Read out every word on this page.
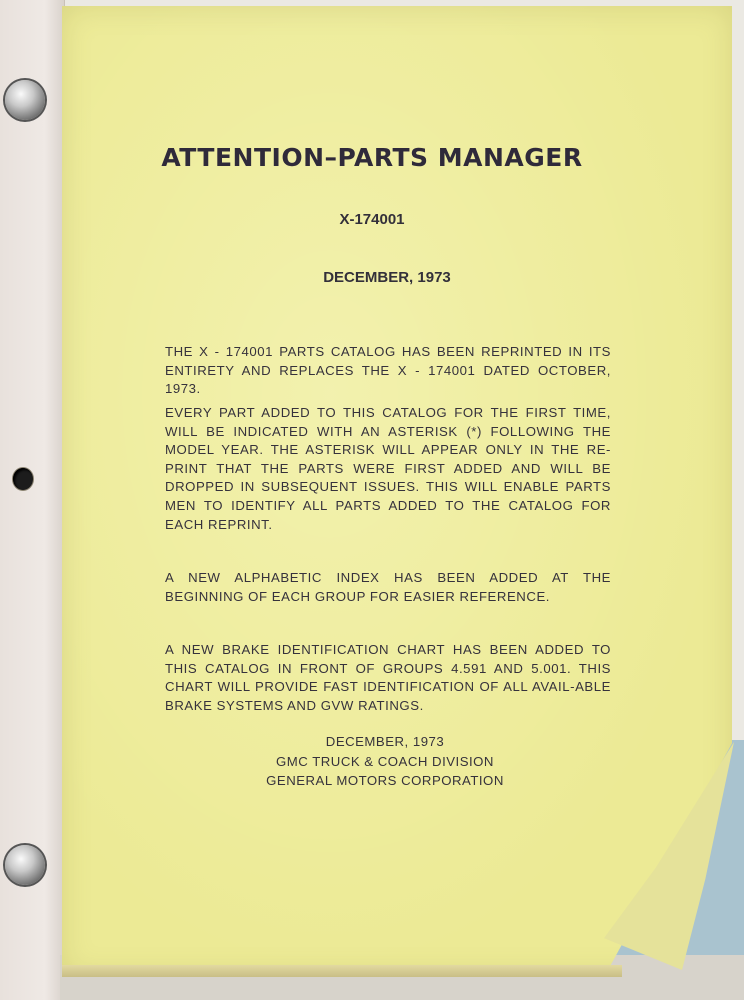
ATTENTION–PARTS MANAGER
X-174001
DECEMBER, 1973

THE X - 174001 PARTS CATALOG HAS BEEN REPRINTED IN ITS ENTIRETY AND REPLACES THE X - 174001 DATED OCTOBER, 1973.

EVERY PART ADDED TO THIS CATALOG FOR THE FIRST TIME, WILL BE INDICATED WITH AN ASTERISK (*) FOLLOWING THE MODEL YEAR. THE ASTERISK WILL APPEAR ONLY IN THE RE-PRINT THAT THE PARTS WERE FIRST ADDED AND WILL BE DROPPED IN SUBSEQUENT ISSUES. THIS WILL ENABLE PARTS MEN TO IDENTIFY ALL PARTS ADDED TO THE CATALOG FOR EACH REPRINT.

A NEW ALPHABETIC INDEX HAS BEEN ADDED AT THE BEGINNING OF EACH GROUP FOR EASIER REFERENCE.

A NEW BRAKE IDENTIFICATION CHART HAS BEEN ADDED TO THIS CATALOG IN FRONT OF GROUPS 4.591 AND 5.001. THIS CHART WILL PROVIDE FAST IDENTIFICATION OF ALL AVAIL-ABLE BRAKE SYSTEMS AND GVW RATINGS.

DECEMBER, 1973
GMC TRUCK & COACH DIVISION
GENERAL MOTORS CORPORATION
